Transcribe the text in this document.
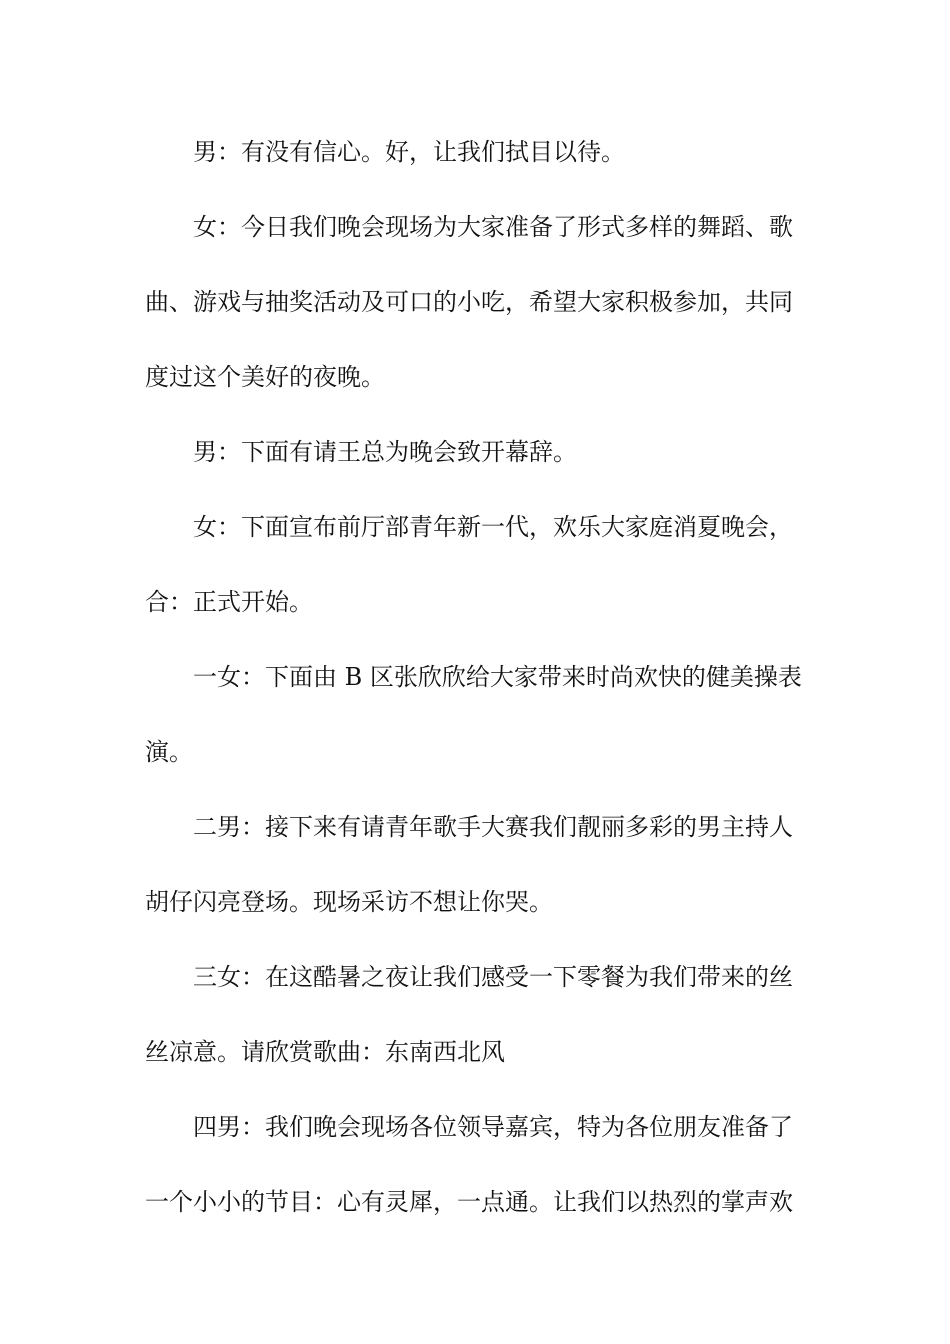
男：有没有信心。好，让我们拭目以待。
女：今日我们晚会现场为大家准备了形式多样的舞蹈、歌
曲、游戏与抽奖活动及可口的小吃，希望大家积极参加，共同
度过这个美好的夜晚。
男：下面有请王总为晚会致开幕辞。
女：下面宣布前厅部青年新一代，欢乐大家庭消夏晚会，
合：正式开始。
一女：下面由 B 区张欣欣给大家带来时尚欢快的健美操表
演。
二男：接下来有请青年歌手大赛我们靓丽多彩的男主持人
胡仔闪亮登场。现场采访不想让你哭。
三女：在这酷暑之夜让我们感受一下零餐为我们带来的丝
丝凉意。请欣赏歌曲：东南西北风
四男：我们晚会现场各位领导嘉宾，特为各位朋友准备了
一个小小的节目：心有灵犀，一点通。让我们以热烈的掌声欢
